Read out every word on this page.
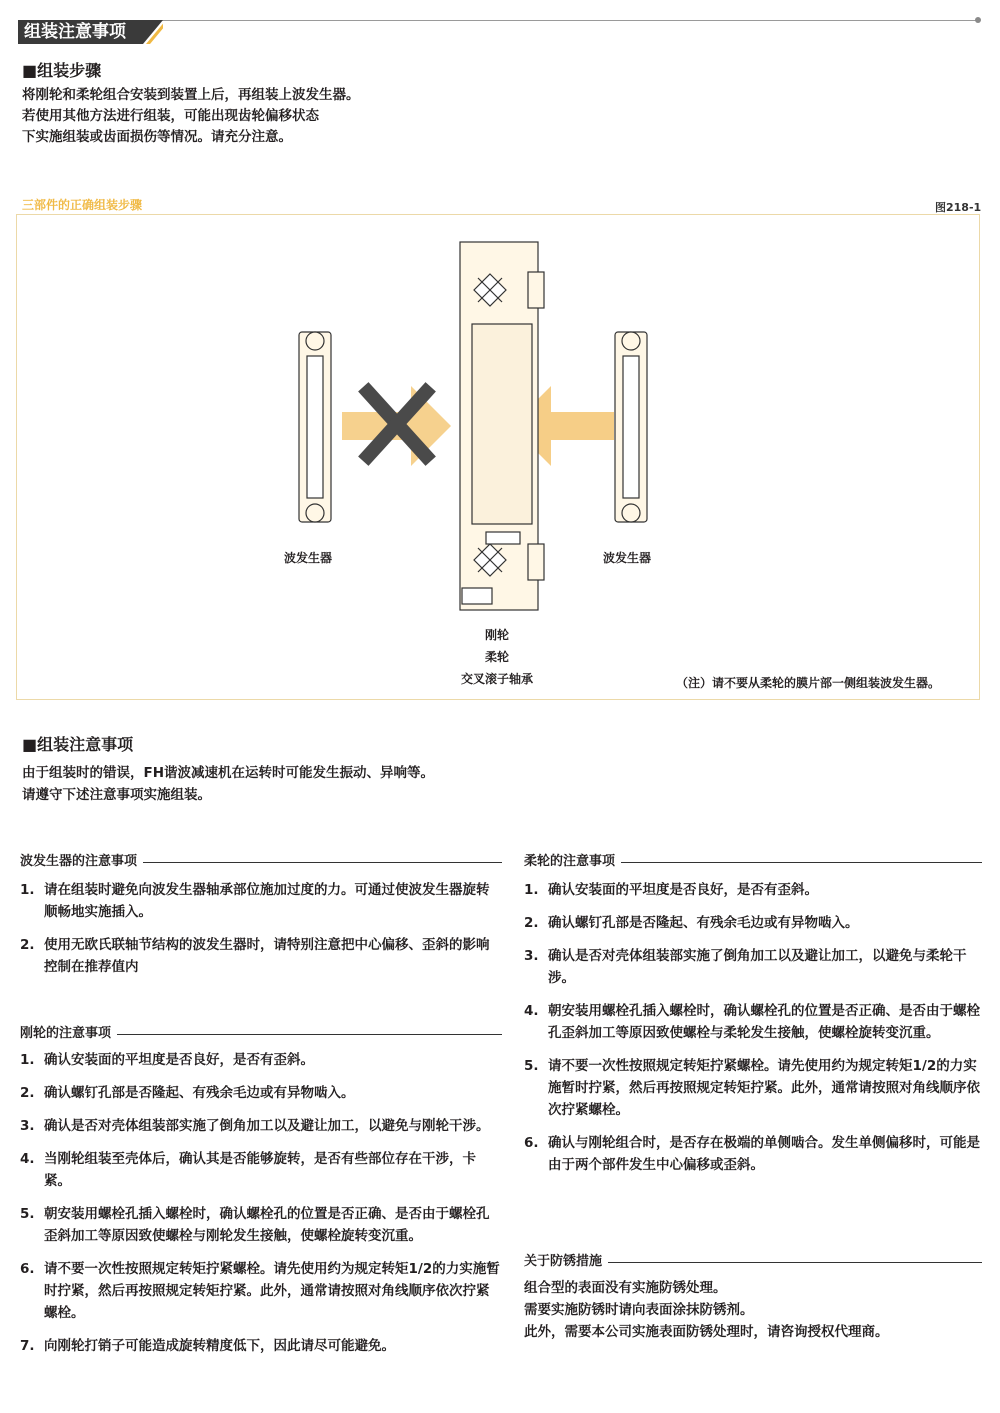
组装注意事项
■组装步骤
将刚轮和柔轮组合安装到装置上后，再组装上波发生器。
若使用其他方法进行组装，可能出现齿轮偏移状态
下实施组装或齿面损伤等情况。请充分注意。
三部件的正确组装步骤	图218-1
波发生器	波发生器
刚轮
柔轮
交叉滚子轴承	（注）请不要从柔轮的膜片部一侧组装波发生器。
■组装注意事项
由于组装时的错误，FH谐波减速机在运转时可能发生振动、异响等。
请遵守下述注意事项实施组装。
波发生器的注意事项
1. 请在组装时避免向波发生器轴承部位施加过度的力。可通过使波发生器旋转顺畅地实施插入。
2. 使用无欧氏联轴节结构的波发生器时，请特别注意把中心偏移、歪斜的影响控制在推荐值内
刚轮的注意事项
1. 确认安装面的平坦度是否良好，是否有歪斜。
2. 确认螺钉孔部是否隆起、有残余毛边或有异物啮入。
3. 确认是否对壳体组装部实施了倒角加工以及避让加工，以避免与刚轮干涉。
4. 当刚轮组装至壳体后，确认其是否能够旋转，是否有些部位存在干涉，卡紧。
5. 朝安装用螺栓孔插入螺栓时，确认螺栓孔的位置是否正确、是否由于螺栓孔歪斜加工等原因致使螺栓与刚轮发生接触，使螺栓旋转变沉重。
6. 请不要一次性按照规定转矩拧紧螺栓。请先使用约为规定转矩1/2的力实施暂时拧紧，然后再按照规定转矩拧紧。此外，通常请按照对角线顺序依次拧紧螺栓。
7. 向刚轮打销子可能造成旋转精度低下，因此请尽可能避免。
柔轮的注意事项
1. 确认安装面的平坦度是否良好，是否有歪斜。
2. 确认螺钉孔部是否隆起、有残余毛边或有异物啮入。
3. 确认是否对壳体组装部实施了倒角加工以及避让加工，以避免与柔轮干涉。
4. 朝安装用螺栓孔插入螺栓时，确认螺栓孔的位置是否正确、是否由于螺栓孔歪斜加工等原因致使螺栓与柔轮发生接触，使螺栓旋转变沉重。
5. 请不要一次性按照规定转矩拧紧螺栓。请先使用约为规定转矩1/2的力实施暂时拧紧，然后再按照规定转矩拧紧。此外，通常请按照对角线顺序依次拧紧螺栓。
6. 确认与刚轮组合时，是否存在极端的单侧啮合。发生单侧偏移时，可能是由于两个部件发生中心偏移或歪斜。
关于防锈措施
组合型的表面没有实施防锈处理。
需要实施防锈时请向表面涂抹防锈剂。
此外，需要本公司实施表面防锈处理时，请咨询授权代理商。
